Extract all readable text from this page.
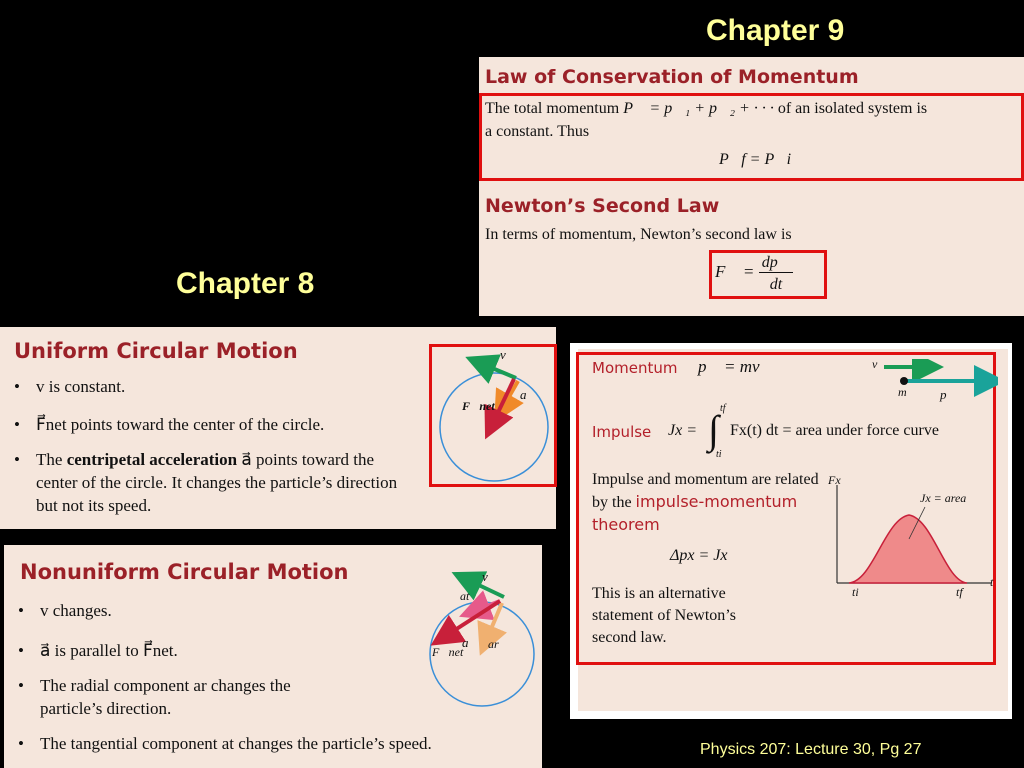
Chapter 9
Chapter 8
Law of Conservation of Momentum
The total momentum P⃗ = p⃗₁ + p⃗₂ + · · · of an isolated system is
a constant. Thus
P⃗f = P⃗i
Newton’s Second Law
In terms of momentum, Newton’s second law is
F⃗ = dp⃗
dt
Uniform Circular Motion
• v is constant.
• F⃗net points toward the center of the circle.
• The centripetal acceleration a⃗ points toward the center of the circle. It changes the particle’s direction but not its speed.
v⃗
a⃗
F⃗net
Nonuniform Circular Motion
• v changes.
• a⃗ is parallel to F⃗net.
• The radial component ar changes the particle’s direction.
• The tangential component at changes the particle’s speed.
v⃗
at
a⃗ ar
F⃗net
Momentum p⃗ = mv⃗	v⃗
m	p⃗
Impulse Jx = ∫ tf
ti
Fx(t) dt = area under force curve
Impulse and momentum are related by the impulse-momentum theorem
Δpx = Jx
This is an alternative statement of Newton’s second law.
Fx
Jx = area
ti	tf
t
Physics 207: Lecture 30, Pg 27
